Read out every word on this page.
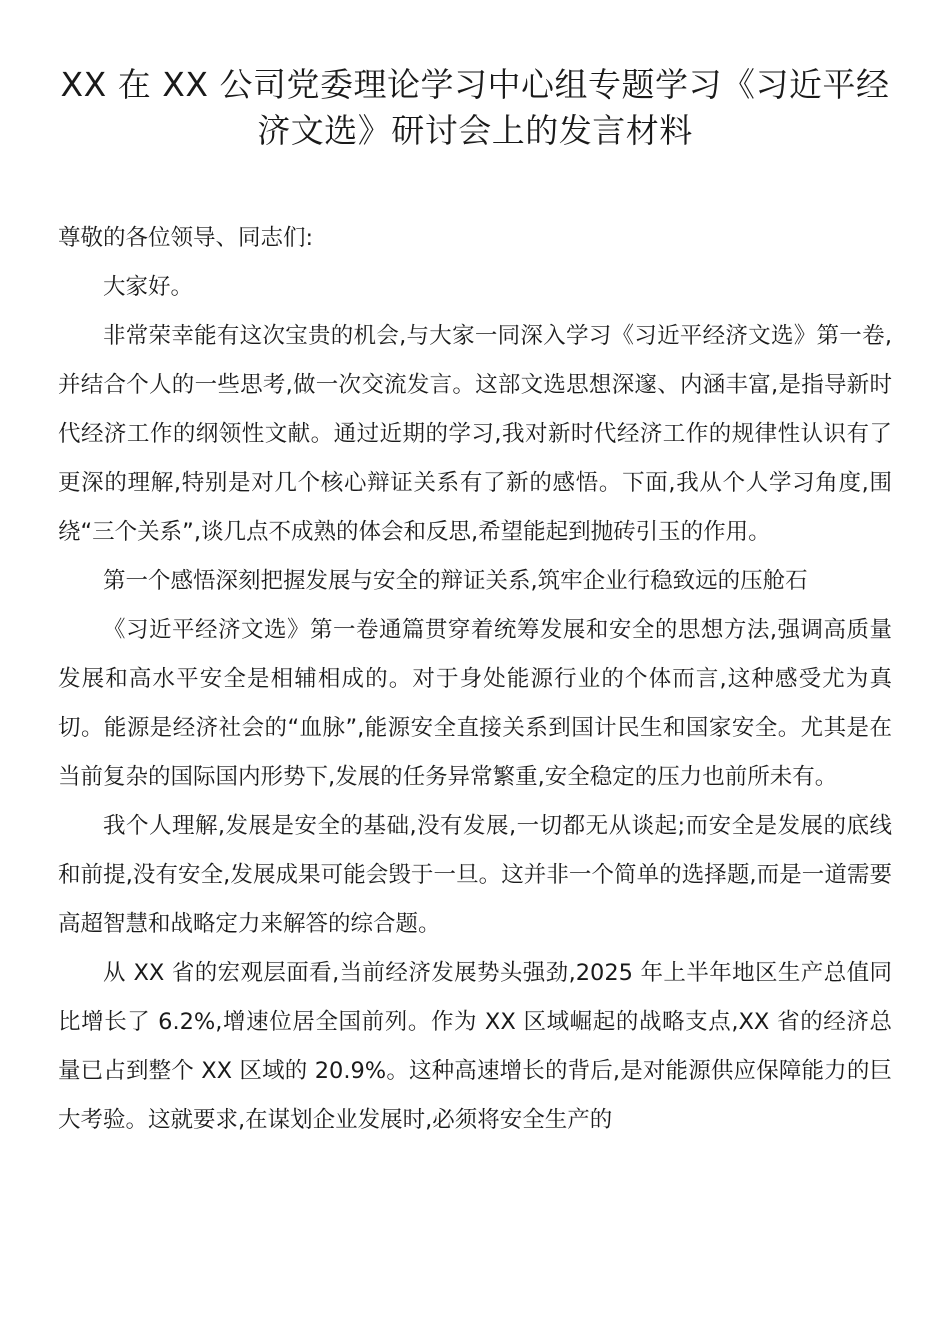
XX 在 XX 公司党委理论学习中心组专题学习《习近平经济文选》研讨会上的发言材料

尊敬的各位领导、同志们:

大家好。

非常荣幸能有这次宝贵的机会,与大家一同深入学习《习近平经济文选》第一卷,并结合个人的一些思考,做一次交流发言。这部文选思想深邃、内涵丰富,是指导新时代经济工作的纲领性文献。通过近期的学习,我对新时代经济工作的规律性认识有了更深的理解,特别是对几个核心辩证关系有了新的感悟。下面,我从个人学习角度,围绕“三个关系”,谈几点不成熟的体会和反思,希望能起到抛砖引玉的作用。

第一个感悟深刻把握发展与安全的辩证关系,筑牢企业行稳致远的压舱石

《习近平经济文选》第一卷通篇贯穿着统筹发展和安全的思想方法,强调高质量发展和高水平安全是相辅相成的。对于身处能源行业的个体而言,这种感受尤为真切。能源是经济社会的“血脉”,能源安全直接关系到国计民生和国家安全。尤其是在当前复杂的国际国内形势下,发展的任务异常繁重,安全稳定的压力也前所未有。

我个人理解,发展是安全的基础,没有发展,一切都无从谈起;而安全是发展的底线和前提,没有安全,发展成果可能会毁于一旦。这并非一个简单的选择题,而是一道需要高超智慧和战略定力来解答的综合题。

从 XX 省的宏观层面看,当前经济发展势头强劲,2025 年上半年地区生产总值同比增长了 6.2%,增速位居全国前列。作为 XX 区域崛起的战略支点,XX 省的经济总量已占到整个 XX 区域的 20.9%。这种高速增长的背后,是对能源供应保障能力的巨大考验。这就要求,在谋划企业发展时,必须将安全生产的
